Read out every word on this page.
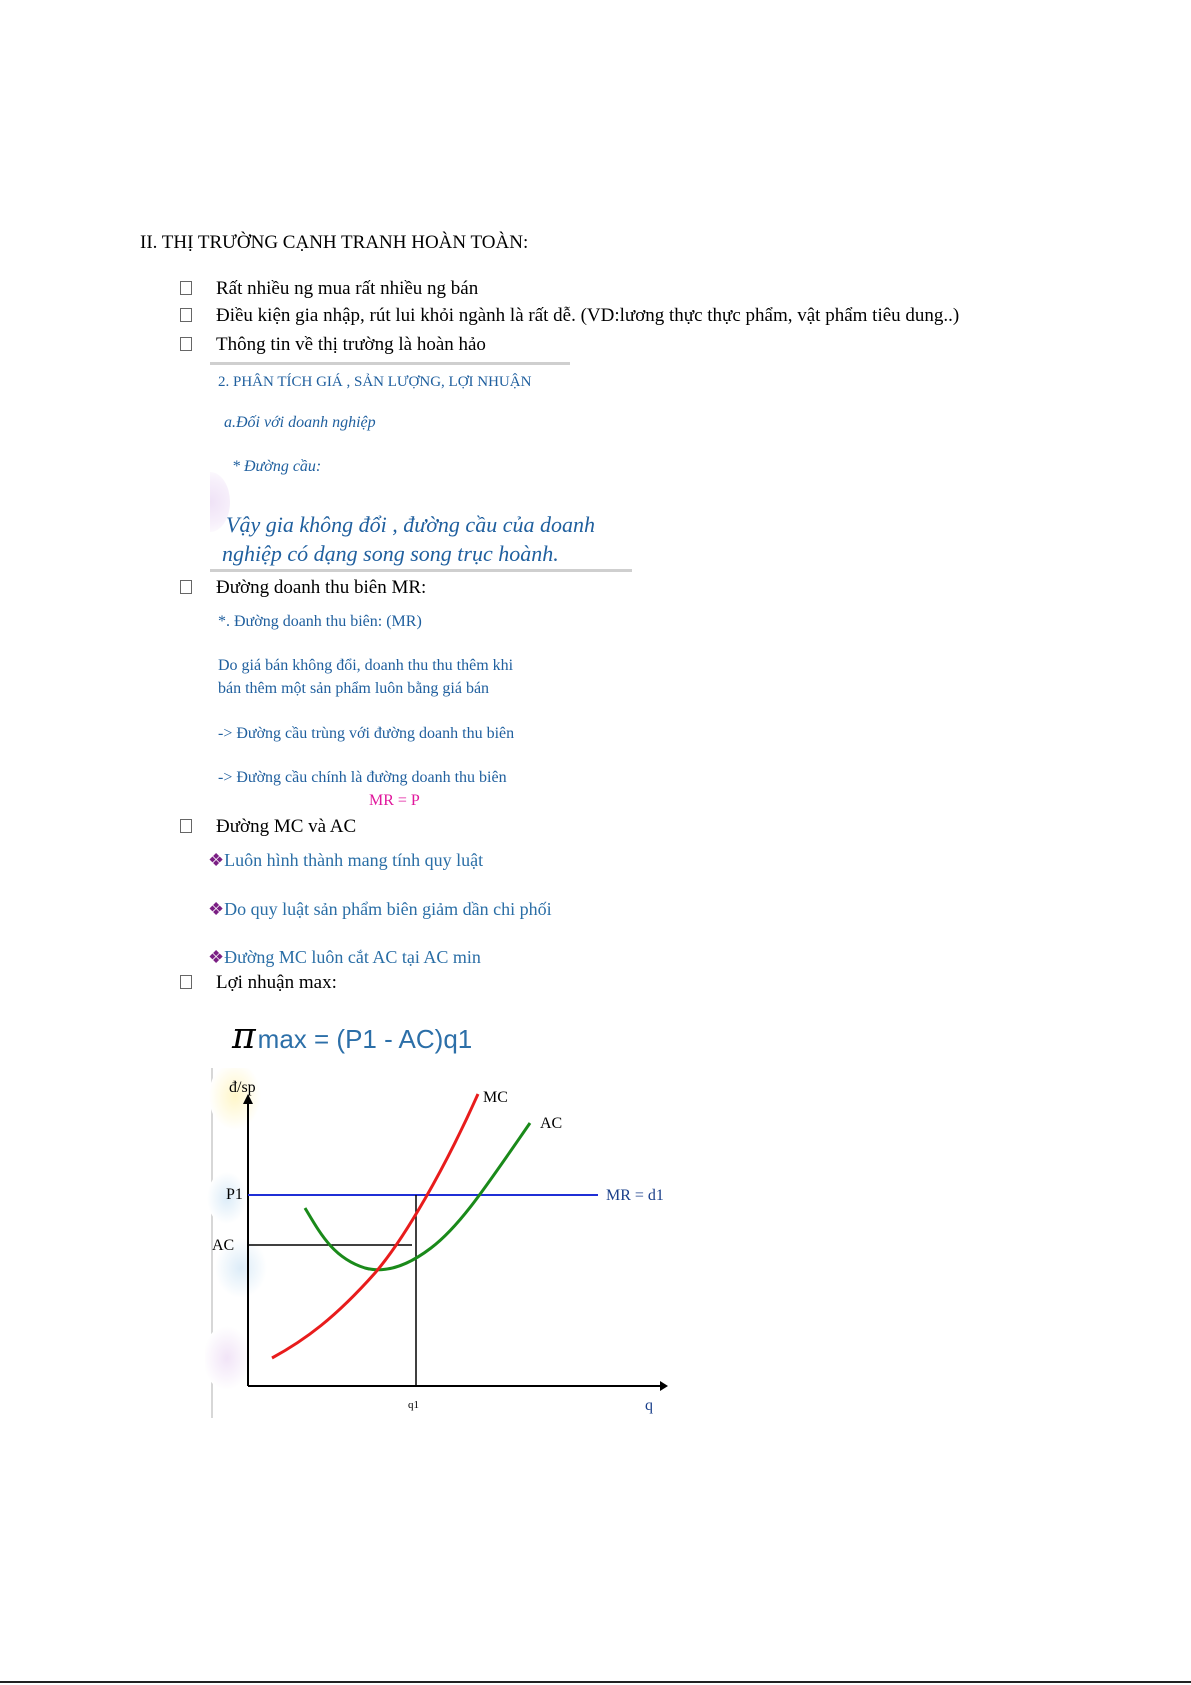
II. THỊ TRƯỜNG CẠNH TRANH HOÀN TOÀN:
Rất nhiều ng mua rất nhiều ng bán
Điều kiện gia nhập, rút lui khỏi ngành là rất dễ. (VD:lương thực thực phẩm, vật phẩm tiêu dung..)
Thông tin về thị trường là hoàn hảo
2. PHÂN TÍCH GIÁ , SẢN LƯỢNG, LỢI NHUẬN
a.Đối với doanh nghiệp
* Đường cầu:
Vậy gia không đổi , đường cầu của doanh
nghiệp có dạng song song trục hoành.
Đường doanh thu biên MR:
*. Đường doanh thu biên: (MR)
Do giá bán không đổi, doanh thu thu thêm khi
bán thêm một sản phẩm luôn bằng giá bán
-> Đường cầu trùng với đường doanh thu biên
-> Đường cầu chính là đường doanh thu biên
MR = P
Đường MC và AC
❖Luôn hình thành mang tính quy luật
❖Do quy luật sản phẩm biên giảm dần chi phối
❖Đường MC luôn cắt AC tại AC min
Lợi nhuận max:
πmax = (P1 - AC)q1
đ/sp
q
P1
AC
q1
MC
AC
MR = d1
